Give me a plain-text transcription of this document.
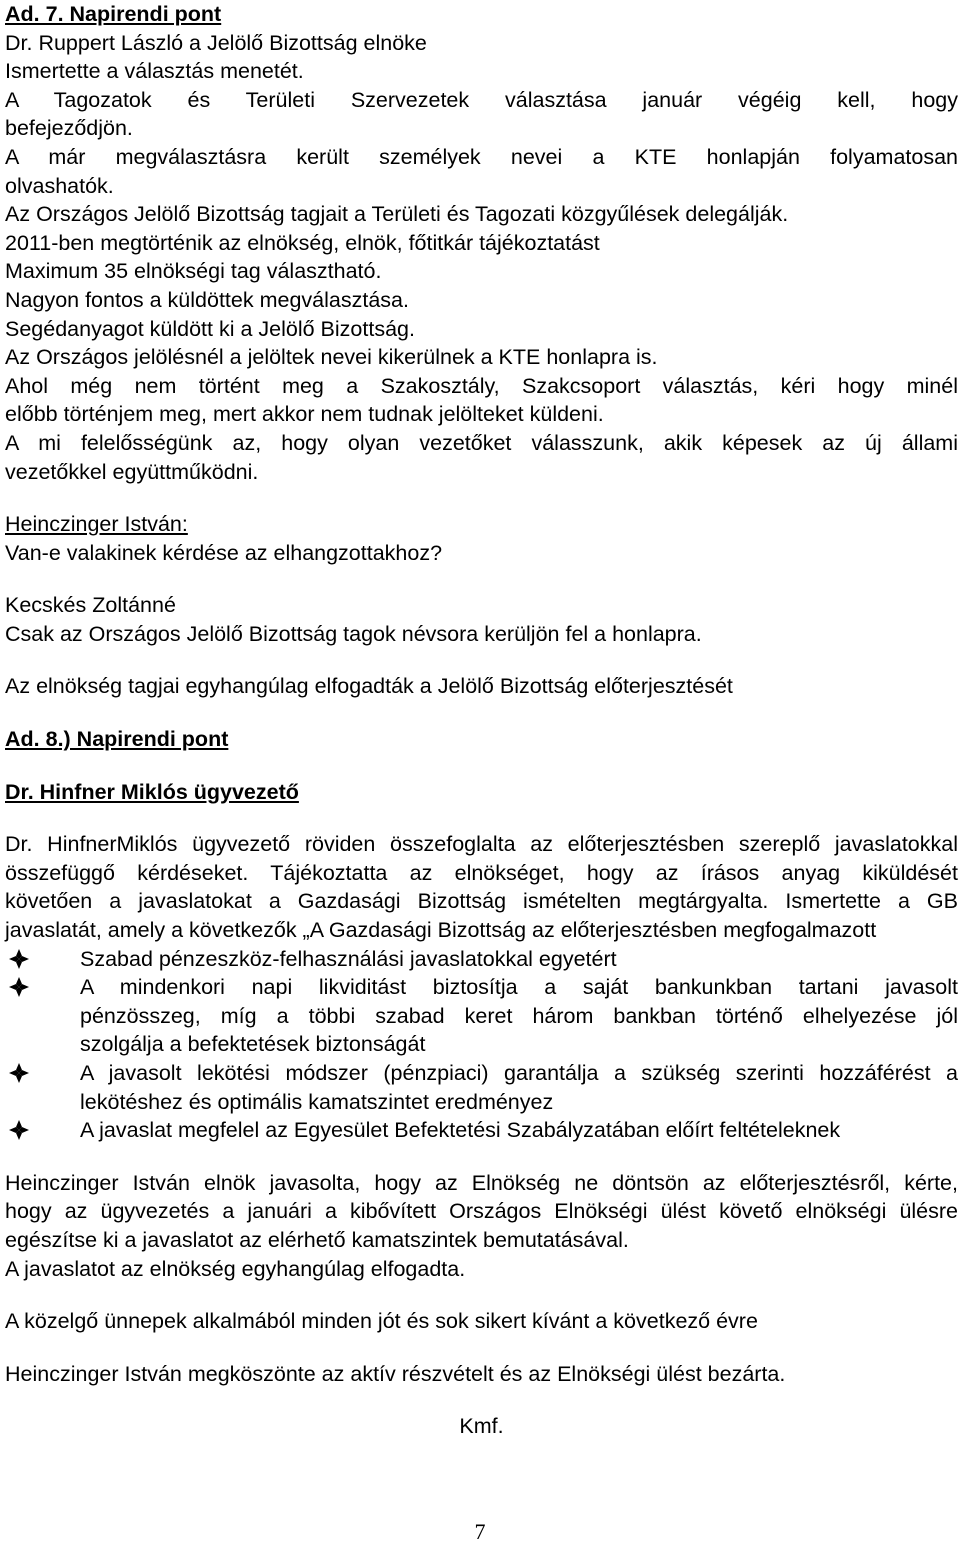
Ad. 7. Napirendi pont
Dr. Ruppert László a Jelölő Bizottság elnöke
Ismertette a választás menetét.
A Tagozatok és Területi Szervezetek választása január végéig kell, hogy
befejeződjön.
A már megválasztásra került személyek nevei a KTE honlapján folyamatosan
olvashatók.
Az Országos Jelölő Bizottság tagjait a Területi és Tagozati közgyűlések delegálják.
2011-ben megtörténik az elnökség, elnök, főtitkár tájékoztatást
Maximum 35 elnökségi tag választható.
Nagyon fontos a küldöttek megválasztása.
Segédanyagot küldött ki a Jelölő Bizottság.
Az Országos jelölésnél a jelöltek nevei kikerülnek a KTE honlapra is.
Ahol még nem történt meg a Szakosztály, Szakcsoport választás, kéri hogy minél
előbb történjem meg, mert akkor nem tudnak jelölteket küldeni.
A mi felelősségünk az, hogy olyan vezetőket válasszunk, akik képesek az új állami
vezetőkkel együttműködni.
Heinczinger István:
Van-e valakinek kérdése az elhangzottakhoz?
Kecskés Zoltánné
Csak az Országos Jelölő Bizottság tagok névsora kerüljön fel a honlapra.
Az elnökség tagjai egyhangúlag elfogadták a Jelölő Bizottság előterjesztését
Ad. 8.) Napirendi pont
Dr. Hinfner Miklós ügyvezető
Dr. HinfnerMiklós ügyvezető röviden összefoglalta az előterjesztésben szereplő javaslatokkal
összefüggő kérdéseket. Tájékoztatta az elnökséget, hogy az írásos anyag kiküldését
követően a javaslatokat a Gazdasági Bizottság ismételten megtárgyalta. Ismertette a GB
javaslatát, amely a következők „A Gazdasági Bizottság az előterjesztésben megfogalmazott
Szabad pénzeszköz-felhasználási javaslatokkal egyetért
A mindenkori napi likviditást biztosítja a saját bankunkban tartani javasolt
pénzösszeg, míg a többi szabad keret három bankban történő elhelyezése jól
szolgálja a befektetések biztonságát
A javasolt lekötési módszer (pénzpiaci) garantálja a szükség szerinti hozzáférést a
lekötéshez és optimális kamatszintet eredményez
A javaslat megfelel az Egyesület Befektetési Szabályzatában előírt feltételeknek
Heinczinger István elnök javasolta, hogy az Elnökség ne döntsön az előterjesztésről, kérte,
hogy az ügyvezetés a januári a kibővített Országos Elnökségi ülést követő elnökségi ülésre
egészítse ki a javaslatot az elérhető kamatszintek bemutatásával.
A javaslatot az elnökség egyhangúlag elfogadta.
A közelgő ünnepek alkalmából minden jót és sok sikert kívánt a következő évre
Heinczinger István megköszönte az aktív részvételt és az Elnökségi ülést bezárta.
Kmf.
7
